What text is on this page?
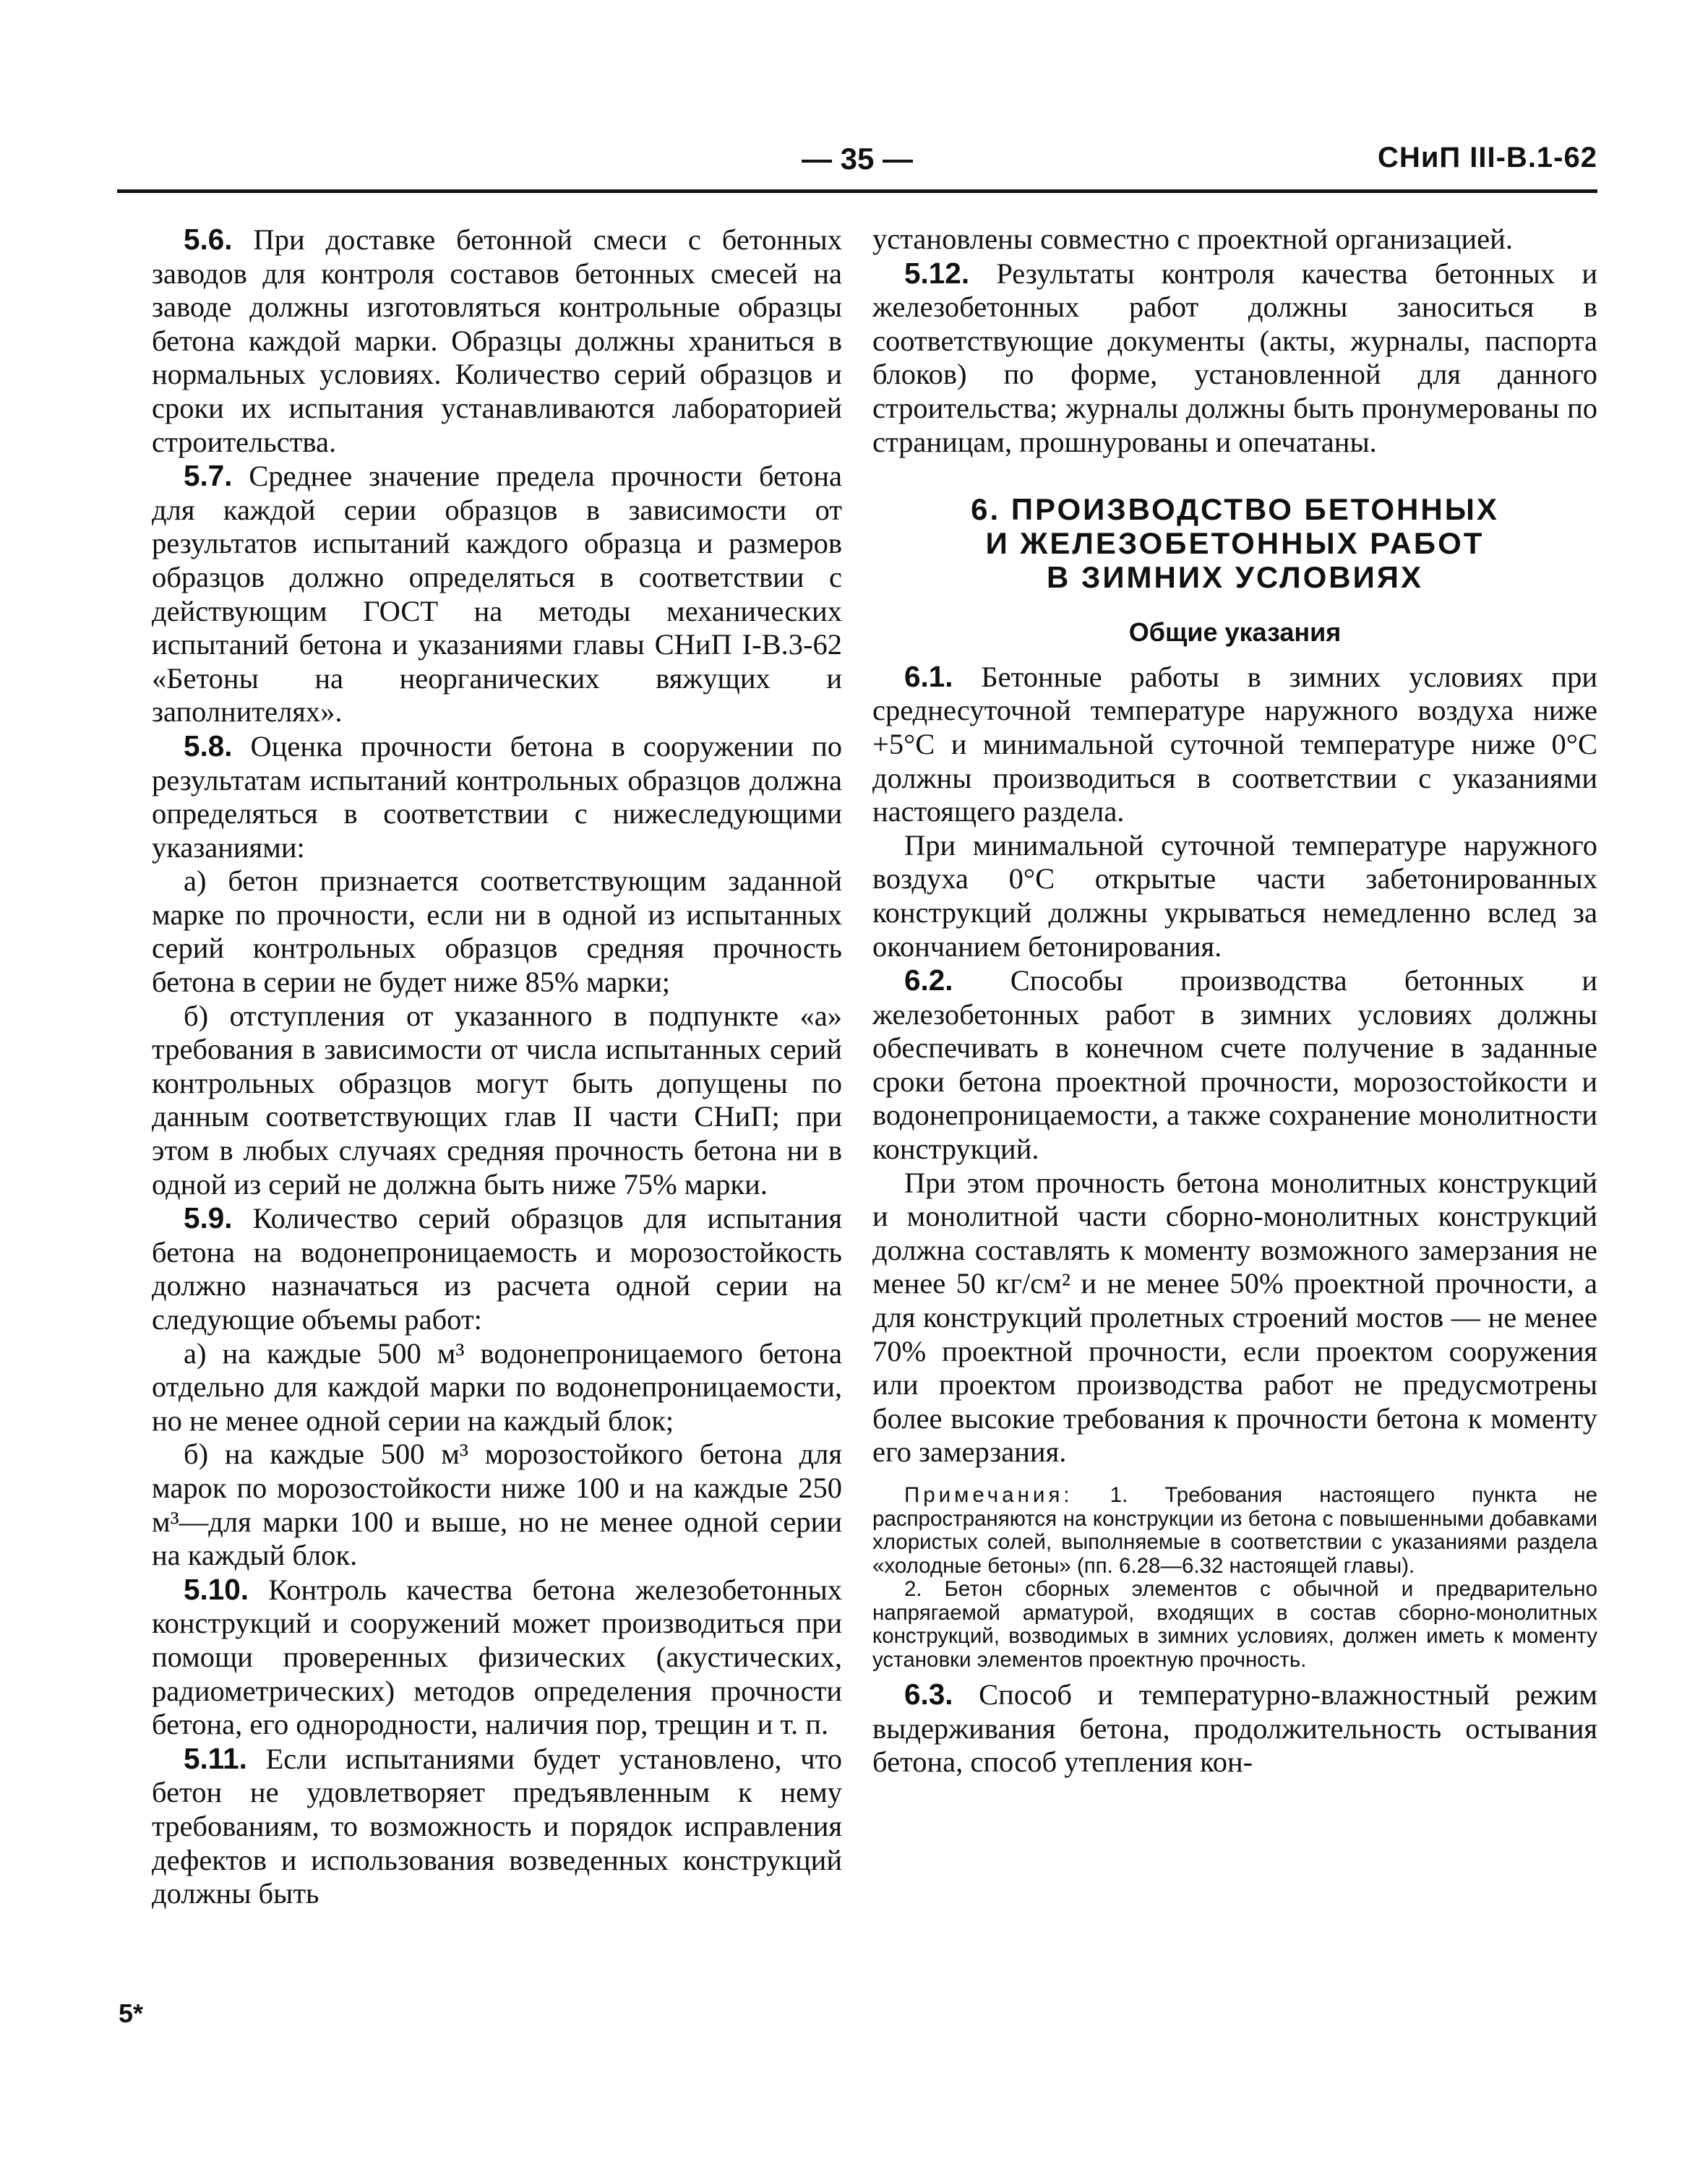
— 35 —	СНиП III-В.1-62

5.6. При доставке бетонной смеси с бетонных заводов для контроля составов бетонных смесей на заводе должны изготовляться контрольные образцы бетона каждой марки. Образцы должны храниться в нормальных условиях. Количество серий образцов и сроки их испытания устанавливаются лабораторией строительства.

5.7. Среднее значение предела прочности бетона для каждой серии образцов в зависимости от результатов испытаний каждого образца и размеров образцов должно определяться в соответствии с действующим ГОСТ на методы механических испытаний бетона и указаниями главы СНиП I-В.3-62 «Бетоны на неорганических вяжущих и заполнителях».

5.8. Оценка прочности бетона в сооружении по результатам испытаний контрольных образцов должна определяться в соответствии с нижеследующими указаниями:

а) бетон признается соответствующим заданной марке по прочности, если ни в одной из испытанных серий контрольных образцов средняя прочность бетона в серии не будет ниже 85% марки;

б) отступления от указанного в подпункте «а» требования в зависимости от числа испытанных серий контрольных образцов могут быть допущены по данным соответствующих глав II части СНиП; при этом в любых случаях средняя прочность бетона ни в одной из серий не должна быть ниже 75% марки.

5.9. Количество серий образцов для испытания бетона на водонепроницаемость и морозостойкость должно назначаться из расчета одной серии на следующие объемы работ:

а) на каждые 500 м³ водонепроницаемого бетона отдельно для каждой марки по водонепроницаемости, но не менее одной серии на каждый блок;

б) на каждые 500 м³ морозостойкого бетона для марок по морозостойкости ниже 100 и на каждые 250 м³—для марки 100 и выше, но не менее одной серии на каждый блок.

5.10. Контроль качества бетона железобетонных конструкций и сооружений может производиться при помощи проверенных физических (акустических, радиометрических) методов определения прочности бетона, его однородности, наличия пор, трещин и т. п.

5.11. Если испытаниями будет установлено, что бетон не удовлетворяет предъявленным к нему требованиям, то возможность и порядок исправления дефектов и использования возведенных конструкций должны быть

установлены совместно с проектной организацией.

5.12. Результаты контроля качества бетонных и железобетонных работ должны заноситься в соответствующие документы (акты, журналы, паспорта блоков) по форме, установленной для данного строительства; журналы должны быть пронумерованы по страницам, прошнурованы и опечатаны.

6. ПРОИЗВОДСТВО БЕТОННЫХ

И ЖЕЛЕЗОБЕТОННЫХ РАБОТ

В ЗИМНИХ УСЛОВИЯХ

Общие указания

6.1. Бетонные работы в зимних условиях при среднесуточной температуре наружного воздуха ниже +5°С и минимальной суточной температуре ниже 0°С должны производиться в соответствии с указаниями настоящего раздела.

При минимальной суточной температуре наружного воздуха 0°С открытые части забетонированных конструкций должны укрываться немедленно вслед за окончанием бетонирования.

6.2. Способы производства бетонных и железобетонных работ в зимних условиях должны обеспечивать в конечном счете получение в заданные сроки бетона проектной прочности, морозостойкости и водонепроницаемости, а также сохранение монолитности конструкций.

При этом прочность бетона монолитных конструкций и монолитной части сборно-монолитных конструкций должна составлять к моменту возможного замерзания не менее 50 кг/см² и не менее 50% проектной прочности, а для конструкций пролетных строений мостов — не менее 70% проектной прочности, если проектом сооружения или проектом производства работ не предусмотрены более высокие требования к прочности бетона к моменту его замерзания.

Примечания: 1. Требования настоящего пункта не распространяются на конструкции из бетона с повышенными добавками хлористых солей, выполняемые в соответствии с указаниями раздела «холодные бетоны» (пп. 6.28—6.32 настоящей главы).

2. Бетон сборных элементов с обычной и предварительно напрягаемой арматурой, входящих в состав сборно-монолитных конструкций, возводимых в зимних условиях, должен иметь к моменту установки элементов проектную прочность.

6.3. Способ и температурно-влажностный режим выдерживания бетона, продолжительность остывания бетона, способ утепления кон-

5*
